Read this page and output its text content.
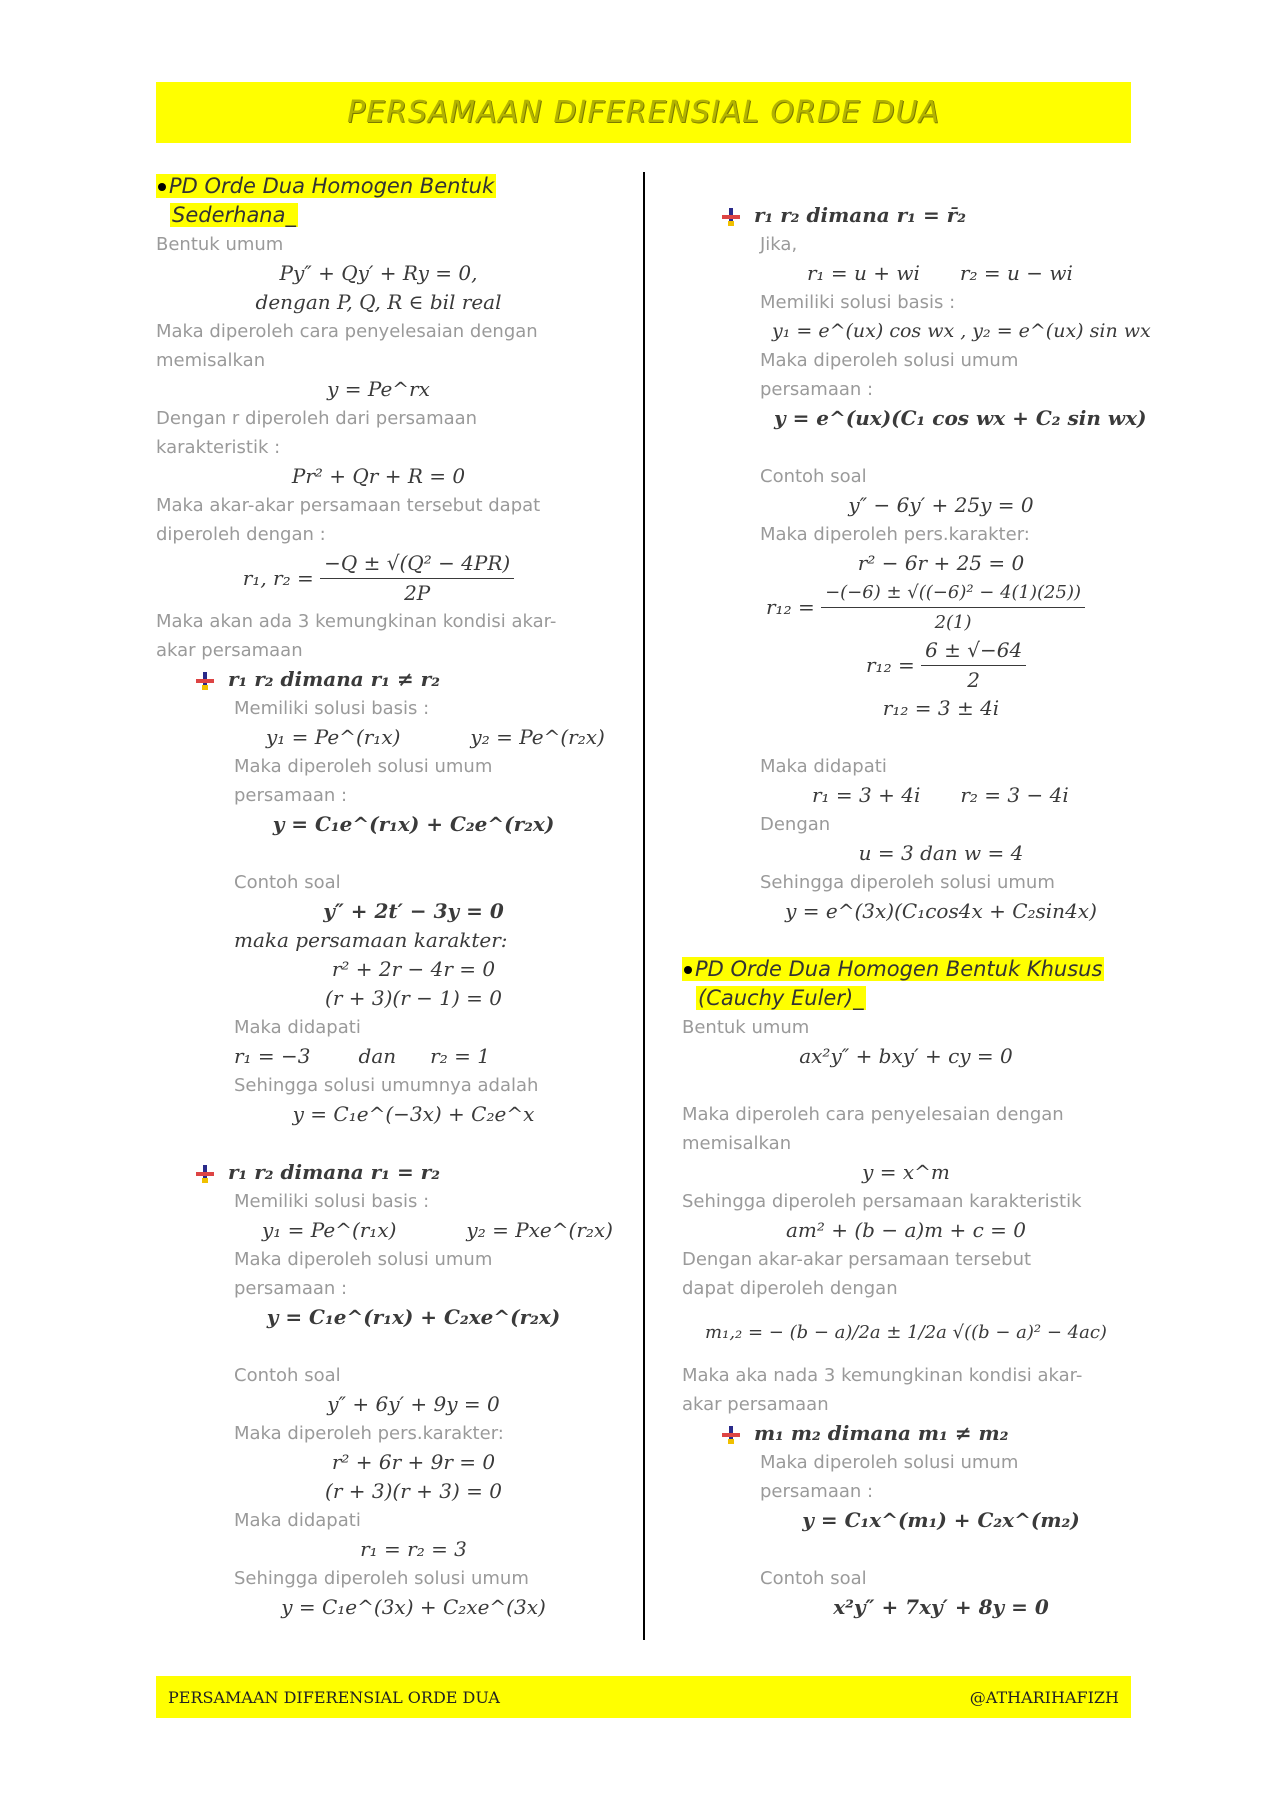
PERSAMAAN DIFERENSIAL ORDE DUA
PD Orde Dua Homogen Bentuk
Sederhana_
Bentuk umum
Py″ + Qy′ + Ry = 0,
dengan P, Q, R ∈ bil real
Maka diperoleh cara penyelesaian dengan
memisalkan
y = Pe^rx
Dengan r diperoleh dari persamaan
karakteristik :
Pr² + Qr + R = 0
Maka akar-akar persamaan tersebut dapat
diperoleh dengan :
r₁, r₂ =
$\frac{\text{−Q ± √(Q² − 4PR)}}{2P}$
Maka akan ada 3 kemungkinan kondisi akar-
akar persamaan
r₁ r₂ dimana r₁ ≠ r₂
Memiliki solusi basis :
y₁ = Pe^(r₁x)	y₂ = Pe^(r₂x)
Maka diperoleh solusi umum
persamaan :
y = C₁e^(r₁x) + C₂e^(r₂x)
Contoh soal
y″ + 2t′ − 3y = 0
maka persamaan karakter:
r² + 2r − 4r = 0
(r + 3)(r − 1) = 0
Maka didapati
r₁ = −3 dan r₂ = 1
Sehingga solusi umumnya adalah
y = C₁e^(−3x) + C₂e^x
r₁ r₂ dimana r₁ = r₂
Memiliki solusi basis :
y₁ = Pe^(r₁x)	y₂ = Pxe^(r₂x)
Maka diperoleh solusi umum
persamaan :
y = C₁e^(r₁x) + C₂xe^(r₂x)
Contoh soal
y″ + 6y′ + 9y = 0
Maka diperoleh pers.karakter:
r² + 6r + 9r = 0
(r + 3)(r + 3) = 0
Maka didapati
r₁ = r₂ = 3
Sehingga diperoleh solusi umum
y = C₁e^(3x) + C₂xe^(3x)
r₁ r₂ dimana r₁ = r̄₂
Jika,
r₁ = u + wi r₂ = u − wi
Memiliki solusi basis :
y₁ = e^(ux) cos wx , y₂ = e^(ux) sin wx
Maka diperoleh solusi umum
persamaan :
y = e^(ux)(C₁ cos wx + C₂ sin wx)
Contoh soal
y″ − 6y′ + 25y = 0
Maka diperoleh pers.karakter:
r² − 6r + 25 = 0
r₁₂ =
$\frac{\text{−(−6) ± √((−6)² − 4(1)(25))}}{2(1)}$
r₁₂ =
$\frac{6 \pm √-64}{2}$
r₁₂ = 3 ± 4i
Maka didapati
r₁ = 3 + 4i r₂ = 3 − 4i
Dengan
u = 3 dan w = 4
Sehingga diperoleh solusi umum
y = e^(3x)(C₁cos4x + C₂sin4x)
PD Orde Dua Homogen Bentuk Khusus
(Cauchy Euler)_
Bentuk umum
ax²y″ + bxy′ + cy = 0
Maka diperoleh cara penyelesaian dengan
memisalkan
y = x^m
Sehingga diperoleh persamaan karakteristik
am² + (b − a)m + c = 0
Dengan akar-akar persamaan tersebut
dapat diperoleh dengan
m₁,₂ = − (b − a)/2a ± 1/2a √((b − a)² − 4ac)
Maka aka nada 3 kemungkinan kondisi akar-
akar persamaan
m₁ m₂ dimana m₁ ≠ m₂
Maka diperoleh solusi umum
persamaan :
y = C₁x^(m₁) + C₂x^(m₂)
Contoh soal
x²y″ + 7xy′ + 8y = 0
PERSAMAAN DIFERENSIAL ORDE DUA	@ATHARIHAFIZH
